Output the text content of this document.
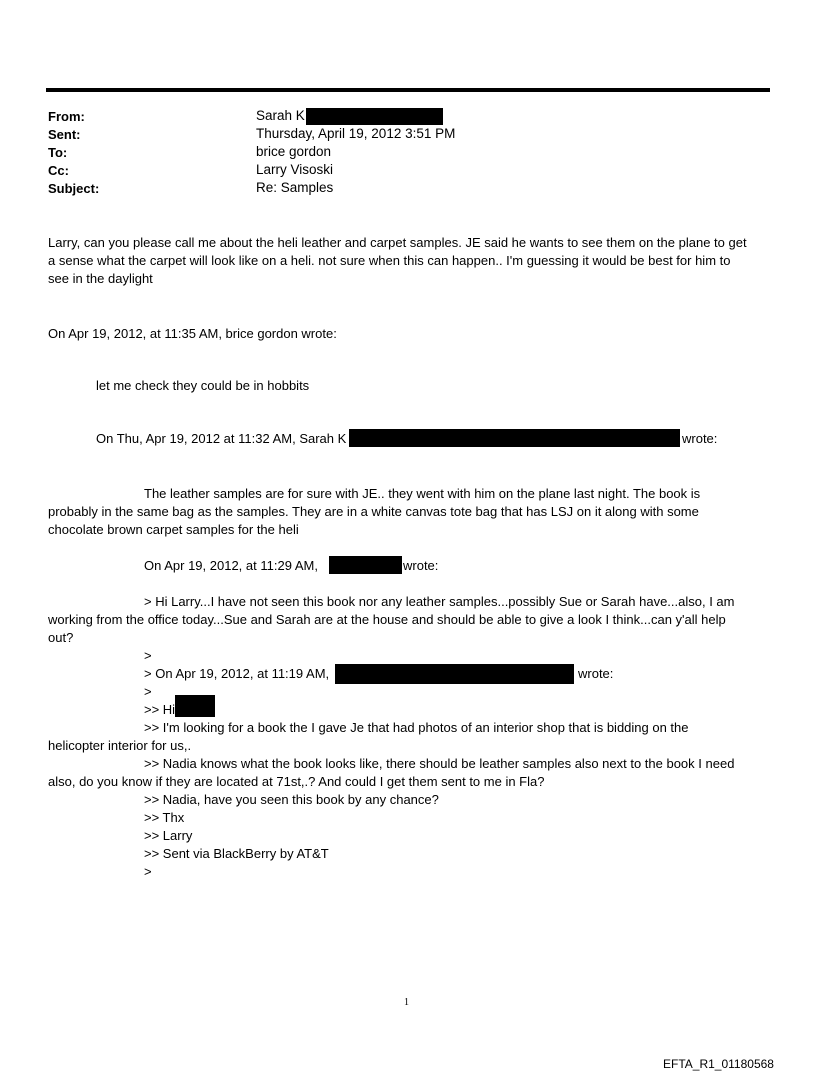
From:	Sarah K
Sent:	Thursday, April 19, 2012 3:51 PM
To:	brice gordon
Cc:	Larry Visoski
Subject:	Re: Samples
Larry, can you please call me about the heli leather and carpet samples. JE said he wants to see them on the plane to get
a sense what the carpet will look like on a heli. not sure when this can happen.. I'm guessing it would be best for him to
see in the daylight
On Apr 19, 2012, at 11:35 AM, brice gordon wrote:
let me check they could be in hobbits
On Thu, Apr 19, 2012 at 11:32 AM, Sarah K	wrote:
The leather samples are for sure with JE.. they went with him on the plane last night. The book is
probably in the same bag as the samples. They are in a white canvas tote bag that has LSJ on it along with some
chocolate brown carpet samples for the heli
On Apr 19, 2012, at 11:29 AM,	wrote:
> Hi Larry...I have not seen this book nor any leather samples...possibly Sue or Sarah have...also, I am
working from the office today...Sue and Sarah are at the house and should be able to give a look I think...can y'all help
out?
>
> On Apr 19, 2012, at 11:19 AM,	wrote:
>
>> Hi
>> I'm looking for a book the I gave Je that had photos of an interior shop that is bidding on the
helicopter interior for us,.
>> Nadia knows what the book looks like, there should be leather samples also next to the book I need
also, do you know if they are located at 71st,.? And could I get them sent to me in Fla?
>> Nadia, have you seen this book by any chance?
>> Thx
>> Larry
>> Sent via BlackBerry by AT&T
>
1
EFTA_R1_01180568
